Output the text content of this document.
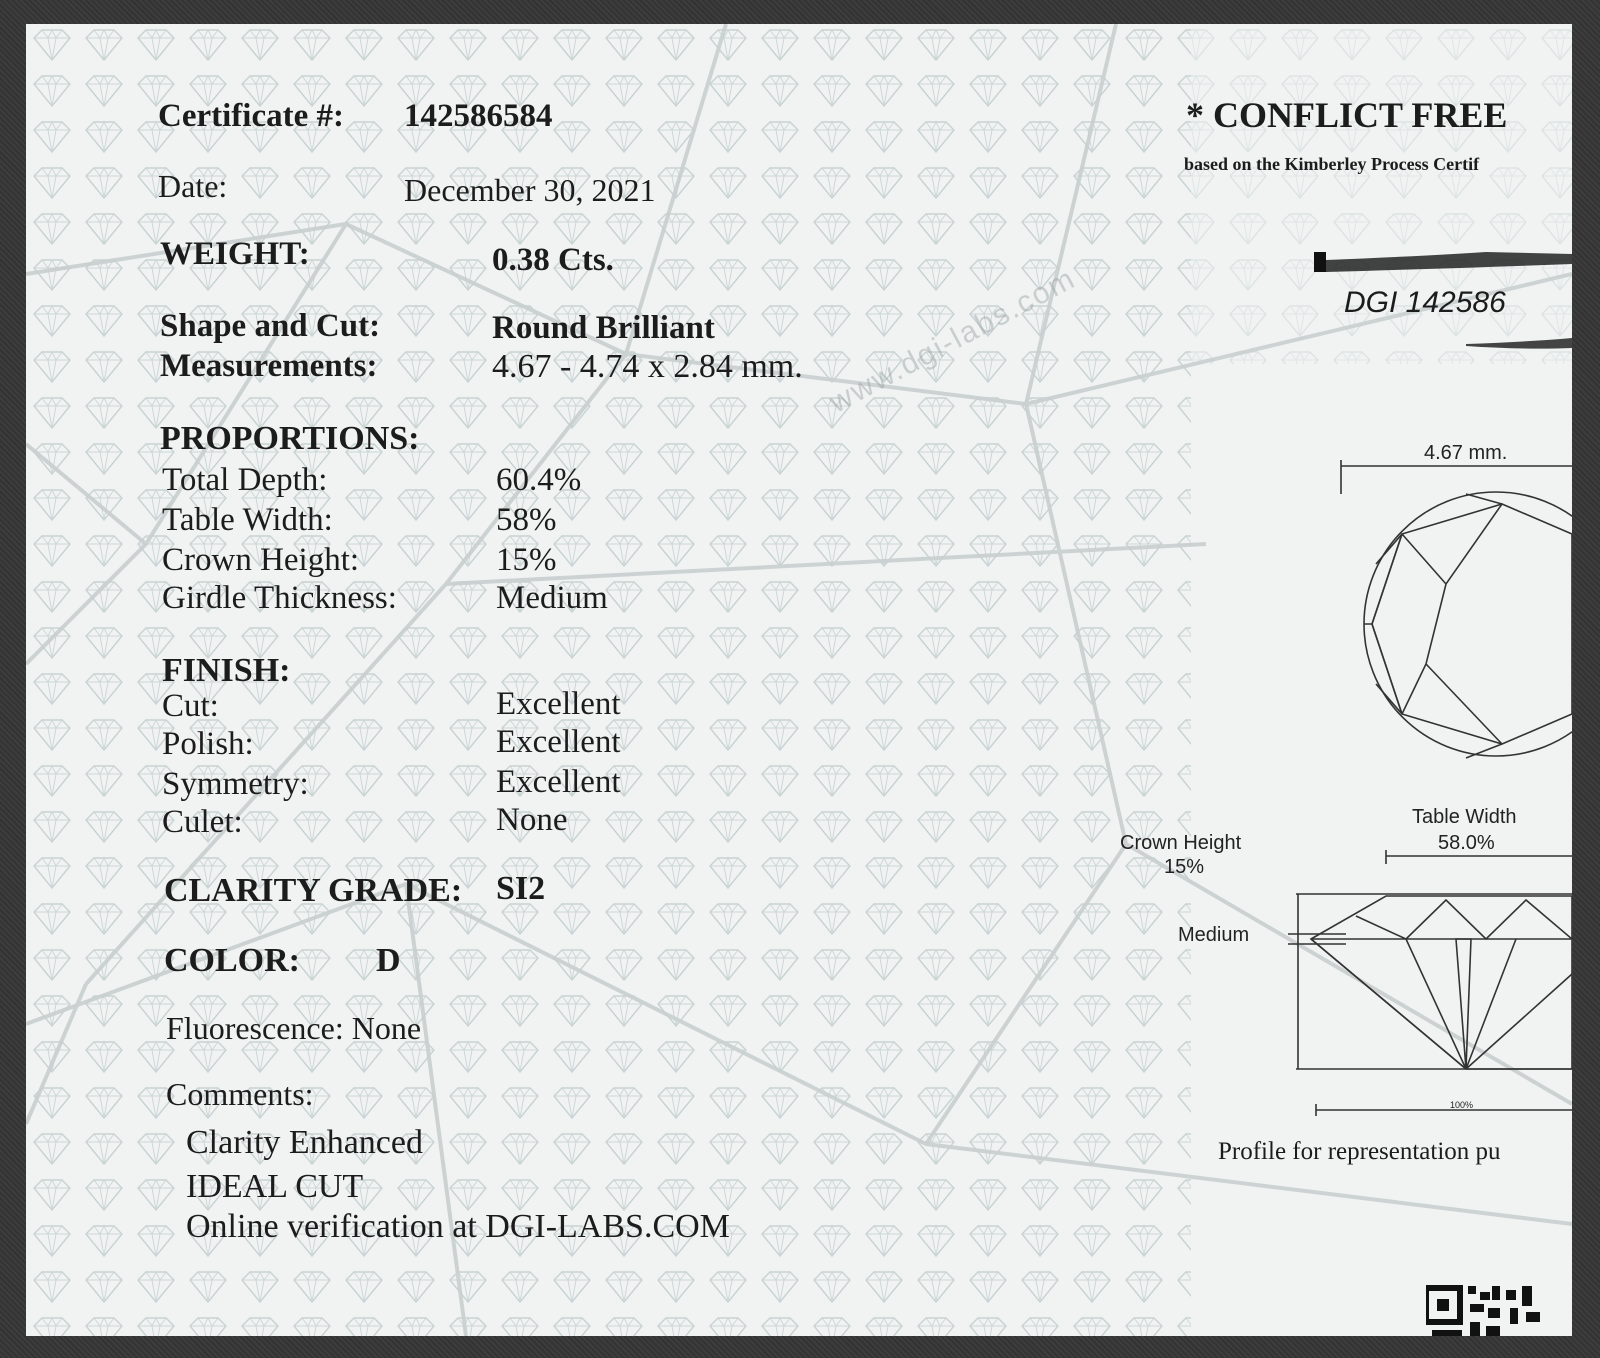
www.dgi-labs.com
Certificate #: 142586584
Date:	December 30, 2021
* CONFLICT FREE
based on the Kimberley Process Certif
DGI 142586
WEIGHT:	0.38 Cts.
Shape and Cut:	Round Brilliant
Measurements:	4.67 - 4.74 x 2.84 mm.
PROPORTIONS:
Total Depth:	60.4%
Table Width:	58%
Crown Height:	15%
Girdle Thickness:	Medium
FINISH:
Cut:	Excellent
Polish:	Excellent
Symmetry:	Excellent
Culet:	None
CLARITY GRADE: SI2
COLOR: D
Fluorescence: None
Comments:
Clarity Enhanced
IDEAL CUT
Online verification at DGI-LABS.COM
4.67 mm.
Table Width
58.0%
Crown Height
15%
Medium
100%
Profile for representation pu
